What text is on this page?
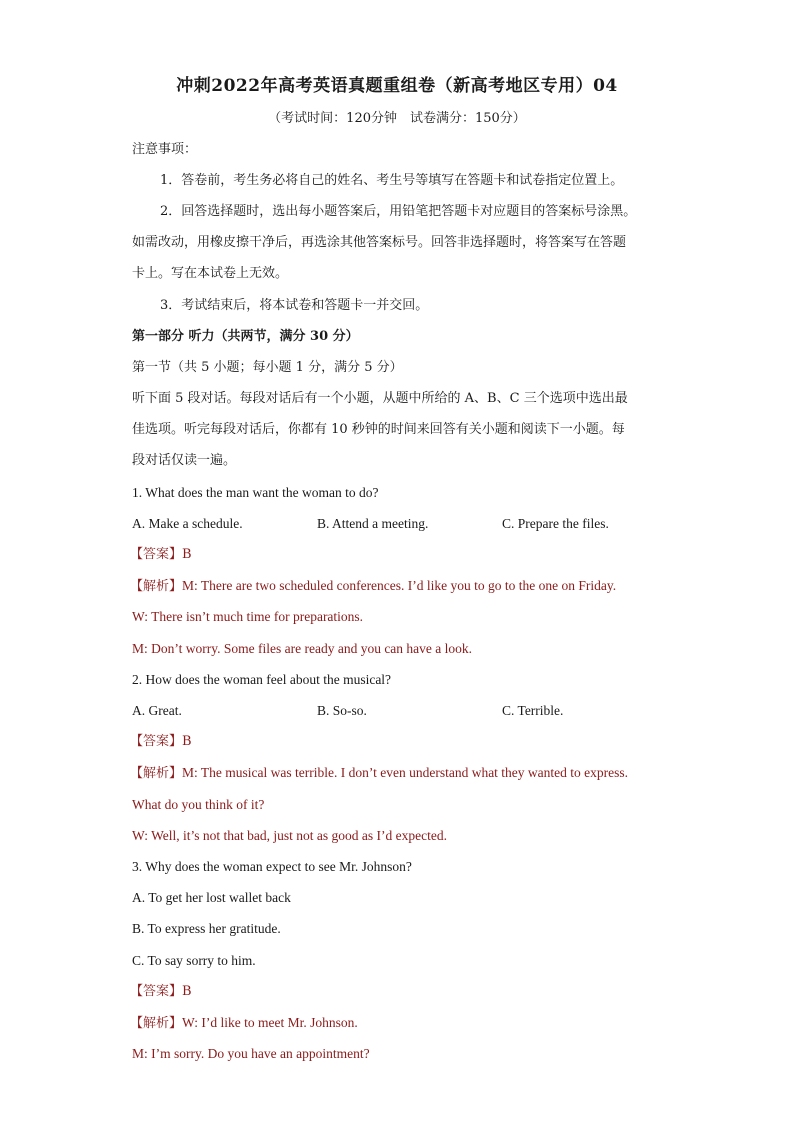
冲刺2022年高考英语真题重组卷（新高考地区专用）04
（考试时间：120分钟　试卷满分：150分）
注意事项：
1．答卷前，考生务必将自己的姓名、考生号等填写在答题卡和试卷指定位置上。
2．回答选择题时，选出每小题答案后，用铅笔把答题卡对应题目的答案标号涂黑。
如需改动，用橡皮擦干净后，再选涂其他答案标号。回答非选择题时，将答案写在答题
卡上。写在本试卷上无效。
3．考试结束后，将本试卷和答题卡一并交回。
第一部分 听力（共两节，满分 30 分）
第一节（共 5 小题；每小题 1 分，满分 5 分）
听下面 5 段对话。每段对话后有一个小题，从题中所给的 A、B、C 三个选项中选出最
佳选项。听完每段对话后，你都有 10 秒钟的时间来回答有关小题和阅读下一小题。每
段对话仅读一遍。
1. What does the man want the woman to do?
A. Make a schedule.	B. Attend a meeting.	C. Prepare the files.
【答案】B
【解析】M: There are two scheduled conferences. I’d like you to go to the one on Friday.
W: There isn’t much time for preparations.
M: Don’t worry. Some files are ready and you can have a look.
2. How does the woman feel about the musical?
A. Great.	B. So-so.	C. Terrible.
【答案】B
【解析】M: The musical was terrible. I don’t even understand what they wanted to express.
What do you think of it?
W: Well, it’s not that bad, just not as good as I’d expected.
3. Why does the woman expect to see Mr. Johnson?
A. To get her lost wallet back
B. To express her gratitude.
C. To say sorry to him.
【答案】B
【解析】W: I’d like to meet Mr. Johnson.
M: I’m sorry. Do you have an appointment?
